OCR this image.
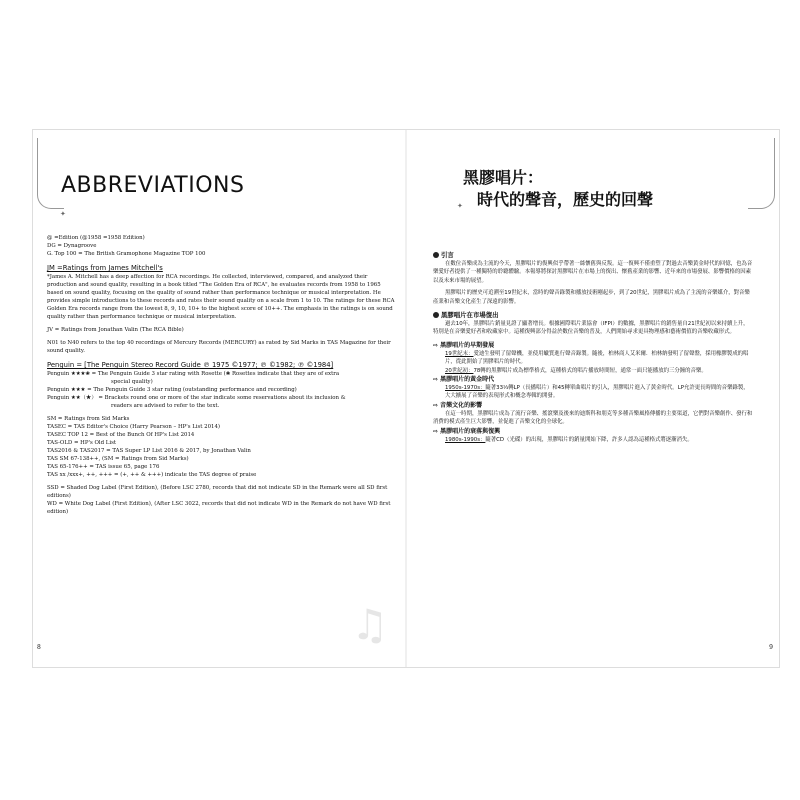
✦
ABBREVIATIONS

@ =Edition (@1958 =1958 Edition)

DG = Dynagroove

G. Top 100 = The British Gramophone Magazine TOP 100

JM =Ratings from James Mitchell's

*James A. Mitchell has a deep affection for RCA recordings. He collected, interviewed, compared, and analyzed their production and sound quality, resulting in a book titled "The Golden Era of RCA", he evaluates records from 1958 to 1965 based on sound quality, focusing on the quality of sound rather than performance technique or musical interpretation. He provides simple introductions to these records and rates their sound quality on a scale from 1 to 10. The ratings for these RCA Golden Era records range from the lowest 8, 9, 10, 10+ to the highest score of 10++. The emphasis in the ratings is on sound quality rather than performance technique or musical interpretation.

JV = Ratings from Jonathan Valin (The RCA Bible)

N01 to N40 refers to the top 40 recordings of Mercury Records (MERCURY) as rated by Sid Marks in TAS Magazine for their sound quality.

Penguin = [The Penguin Stereo Record Guide ℗ 1975 ©1977; ℗ ©1982; ℗ ©1984]

Penguin ★★★❀ = The Penguin Guide 3 star rating with Rosette (❀ Rosettes indicate that they are of extra

special quality)

Penguin ★★★ = The Penguin Guide 3 star rating (outstanding performance and recording)

Penguin ★★（★） = Brackets round one or more of the star indicate some reservations about its inclusion &

readers are advised to refer to the text.

SM = Ratings from Sid Marks

TASEC = TAS Editor's Choice (Harry Pearson – HP's List 2014)

TASEC TOP 12 = Best of the Bunch Of HP's List 2014

TAS-OLD = HP's Old List

TAS2016 & TAS2017 = TAS Super LP List 2016 & 2017, by Jonathan Valin

TAS SM 67-138++, (SM = Ratings from Sid Marks)

TAS 65-176++ = TAS issue 65, page 176

TAS xx /xxx+, ++, +++ = (+, ++ & +++) indicate the TAS degree of praise

SSD = Shaded Dog Label (First Edition), (Before LSC 2780, records that did not indicate SD in the Remark were all SD first editions)

WD = White Dog Label (First Edition), (After LSC 3022, records that did not indicate WD in the Remark do not have WD first edition)

♫
8
✦
黑膠唱片：
時代的聲音，歷史的回聲

引言

在數位音樂成為主流的今天，黑膠唱片的復興似乎帶著一絲懷舊與反叛。這一復興不僅重塑了對過去音樂黃金時代的回憶，也為音樂愛好者提供了一種獨特的聆聽體驗。本報導將探討黑膠唱片在市場上的復出、懷舊產業的影響、近年來的市場發展、影響價格的因素以及未來市場的展望。

黑膠唱片的歷史可追溯至19世紀末，當時的聲音錄製和播放技術剛起步，到了20世紀，黑膠唱片成為了主流的音樂媒介，對音樂產業和音樂文化產生了深遠的影響。

黑膠唱片在市場復出

過去10年，黑膠唱片銷量見證了顯著增長。根據國際唱片業協會（IFPI）的數據，黑膠唱片的銷售量自21世紀初以來持續上升，特別是在音樂愛好者和收藏家中。這種復興部分得益於數位音樂的普及，人們開始尋求更具物理感和藝術價值的音樂收藏形式。

⇨ 黑膠唱片的早期發展

19世紀末：愛迪生發明了留聲機，並使用蠟質進行聲音錄製。隨後，柏林商人艾米爾．柏林納發明了留聲盤，採用橡膠製成的唱片，從此開始了黑膠唱片的時代。

20世紀初：78轉的黑膠唱片成為標準格式，這種格式的唱片播放時間短，通常一面只能播放約三分鐘的音樂。

⇨ 黑膠唱片的黃金時代

1950s-1970s：隨著33⅓轉LP（長播唱片）和45轉單曲唱片的引入，黑膠唱片進入了黃金時代。LP允許更長時間的音樂錄製，大大擴展了音樂的表現形式和概念專輯的開發。

⇨ 音樂文化的影響

在這一時期，黑膠唱片成為了流行音樂、搖滾樂及後來的迪斯科和朋克等多種音樂風格傳播的主要渠道，它們對音樂創作、發行和消費的模式產生巨大影響，並促進了音樂文化的全球化。

⇨ 黑膠唱片的衰落與復興

1980s-1990s：隨著CD（光碟）的出現，黑膠唱片的銷量開始下降，許多人認為這種格式將逐漸消失。

9
